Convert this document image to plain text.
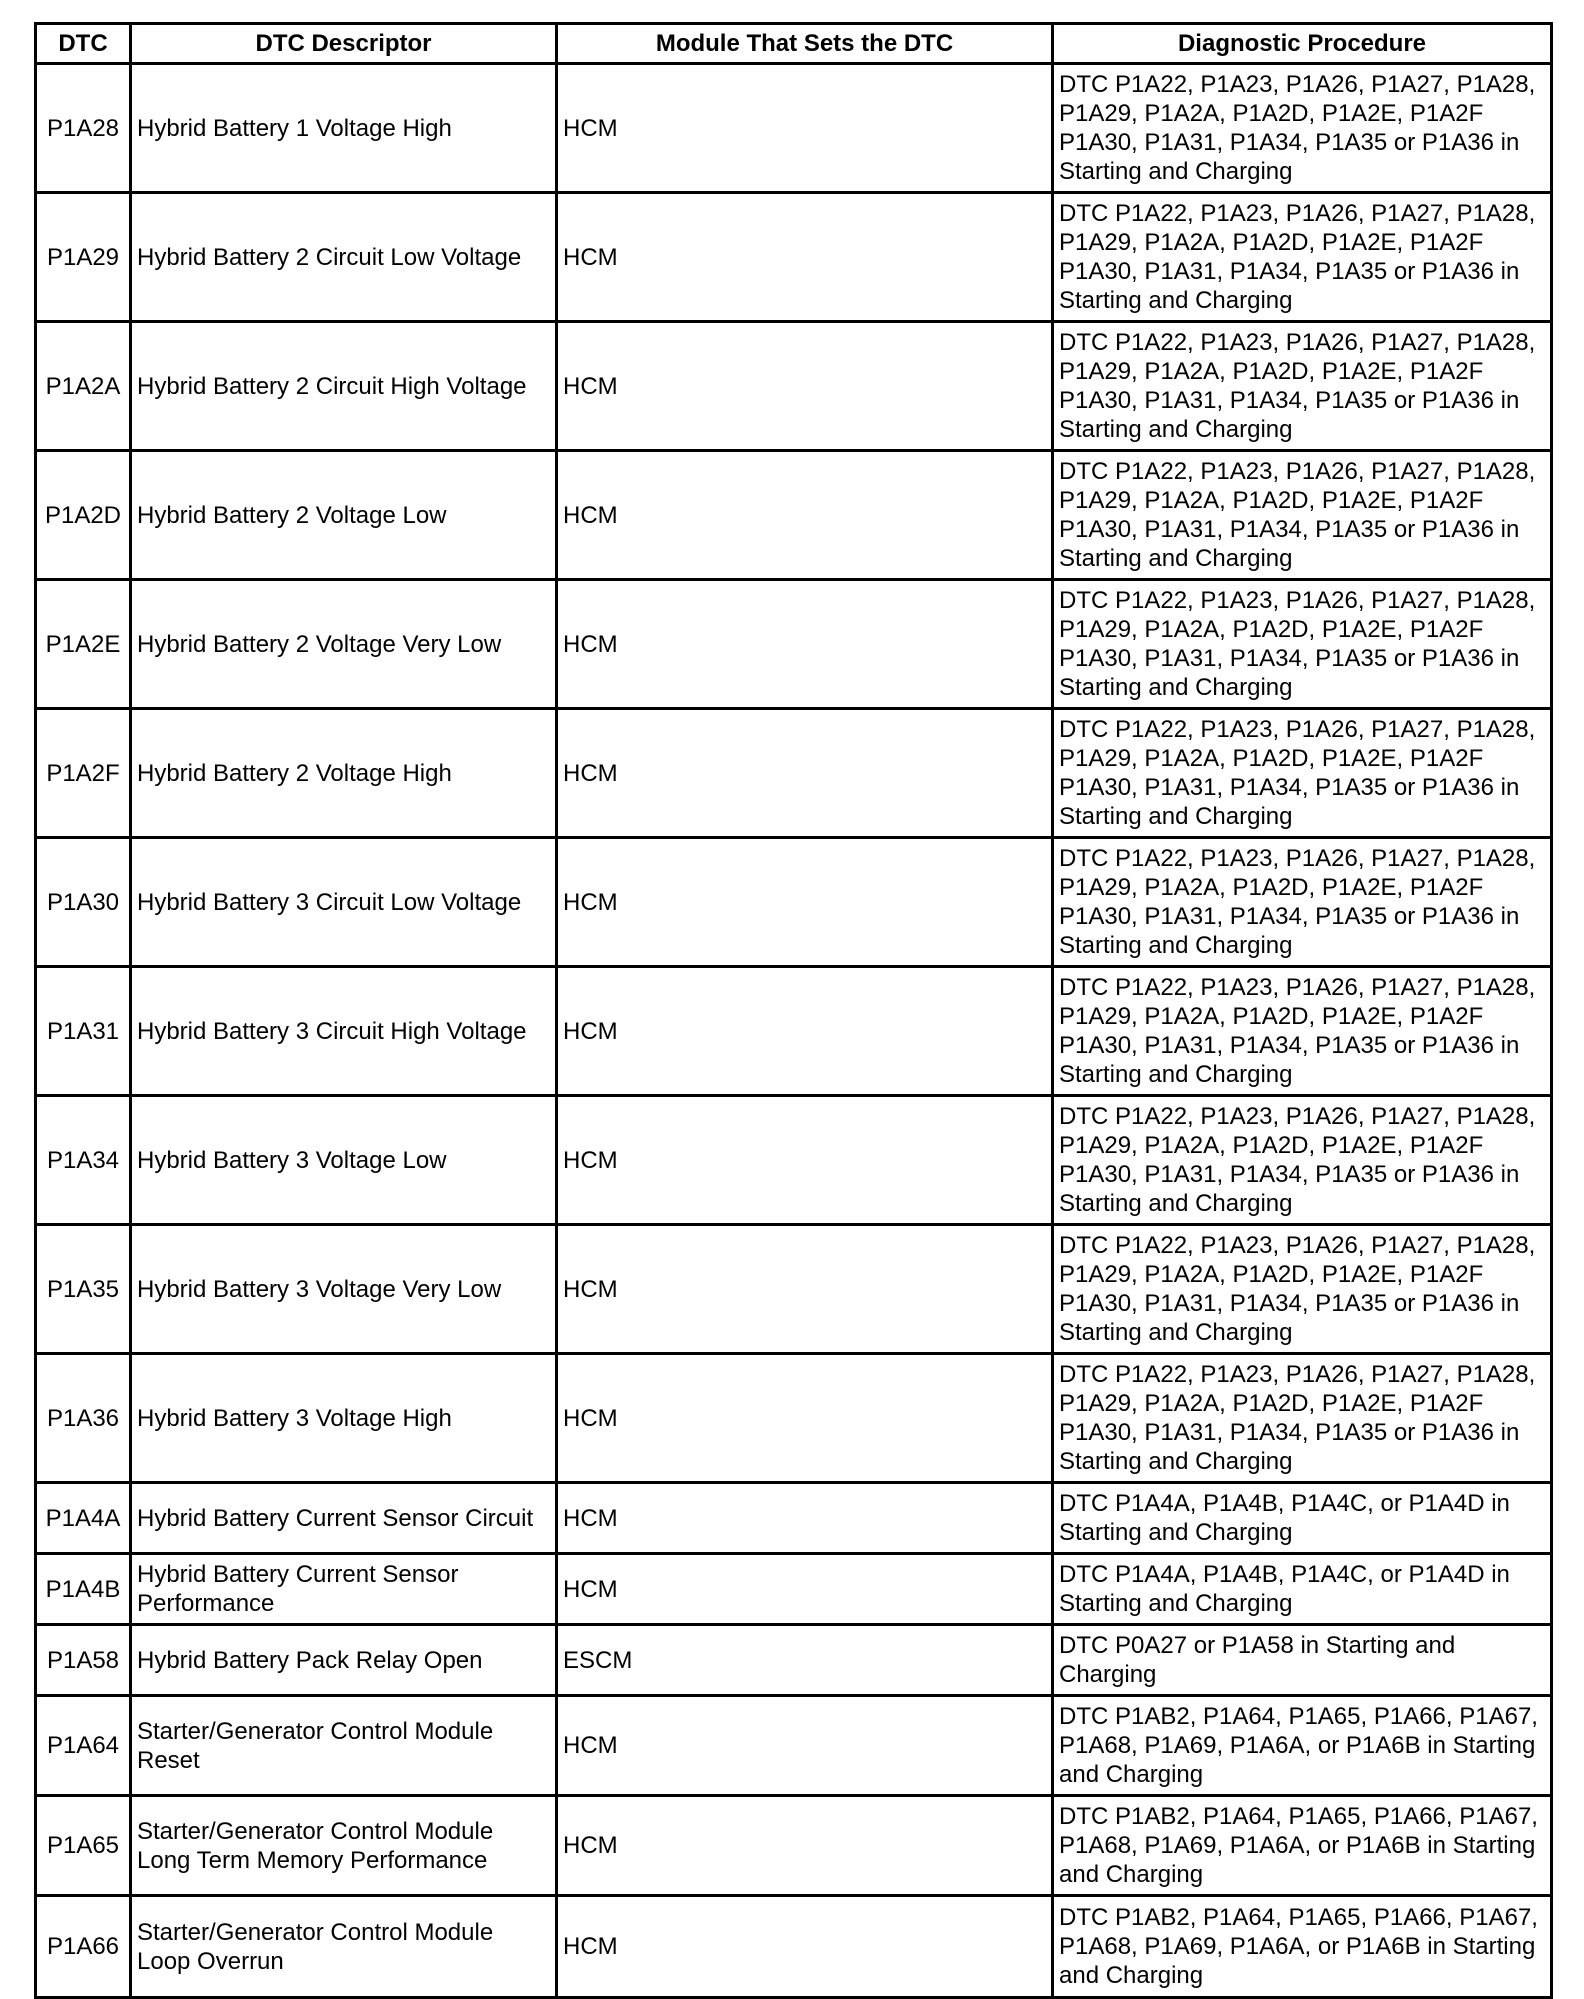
DTC	DTC Descriptor	Module That Sets the DTC	Diagnostic Procedure
P1A28	Hybrid Battery 1 Voltage High	HCM	DTC P1A22, P1A23, P1A26, P1A27, P1A28, P1A29, P1A2A, P1A2D, P1A2E, P1A2F P1A30, P1A31, P1A34, P1A35 or P1A36 in Starting and Charging
P1A29	Hybrid Battery 2 Circuit Low Voltage	HCM	DTC P1A22, P1A23, P1A26, P1A27, P1A28, P1A29, P1A2A, P1A2D, P1A2E, P1A2F P1A30, P1A31, P1A34, P1A35 or P1A36 in Starting and Charging
P1A2A	Hybrid Battery 2 Circuit High Voltage	HCM	DTC P1A22, P1A23, P1A26, P1A27, P1A28, P1A29, P1A2A, P1A2D, P1A2E, P1A2F P1A30, P1A31, P1A34, P1A35 or P1A36 in Starting and Charging
P1A2D	Hybrid Battery 2 Voltage Low	HCM	DTC P1A22, P1A23, P1A26, P1A27, P1A28, P1A29, P1A2A, P1A2D, P1A2E, P1A2F P1A30, P1A31, P1A34, P1A35 or P1A36 in Starting and Charging
P1A2E	Hybrid Battery 2 Voltage Very Low	HCM	DTC P1A22, P1A23, P1A26, P1A27, P1A28, P1A29, P1A2A, P1A2D, P1A2E, P1A2F P1A30, P1A31, P1A34, P1A35 or P1A36 in Starting and Charging
P1A2F	Hybrid Battery 2 Voltage High	HCM	DTC P1A22, P1A23, P1A26, P1A27, P1A28, P1A29, P1A2A, P1A2D, P1A2E, P1A2F P1A30, P1A31, P1A34, P1A35 or P1A36 in Starting and Charging
P1A30	Hybrid Battery 3 Circuit Low Voltage	HCM	DTC P1A22, P1A23, P1A26, P1A27, P1A28, P1A29, P1A2A, P1A2D, P1A2E, P1A2F P1A30, P1A31, P1A34, P1A35 or P1A36 in Starting and Charging
P1A31	Hybrid Battery 3 Circuit High Voltage	HCM	DTC P1A22, P1A23, P1A26, P1A27, P1A28, P1A29, P1A2A, P1A2D, P1A2E, P1A2F P1A30, P1A31, P1A34, P1A35 or P1A36 in Starting and Charging
P1A34	Hybrid Battery 3 Voltage Low	HCM	DTC P1A22, P1A23, P1A26, P1A27, P1A28, P1A29, P1A2A, P1A2D, P1A2E, P1A2F P1A30, P1A31, P1A34, P1A35 or P1A36 in Starting and Charging
P1A35	Hybrid Battery 3 Voltage Very Low	HCM	DTC P1A22, P1A23, P1A26, P1A27, P1A28, P1A29, P1A2A, P1A2D, P1A2E, P1A2F P1A30, P1A31, P1A34, P1A35 or P1A36 in Starting and Charging
P1A36	Hybrid Battery 3 Voltage High	HCM	DTC P1A22, P1A23, P1A26, P1A27, P1A28, P1A29, P1A2A, P1A2D, P1A2E, P1A2F P1A30, P1A31, P1A34, P1A35 or P1A36 in Starting and Charging
P1A4A	Hybrid Battery Current Sensor Circuit	HCM	DTC P1A4A, P1A4B, P1A4C, or P1A4D in Starting and Charging
P1A4B	Hybrid Battery Current Sensor Performance	HCM	DTC P1A4A, P1A4B, P1A4C, or P1A4D in Starting and Charging
P1A58	Hybrid Battery Pack Relay Open	ESCM	DTC P0A27 or P1A58 in Starting and Charging
P1A64	Starter/Generator Control Module Reset	HCM	DTC P1AB2, P1A64, P1A65, P1A66, P1A67, P1A68, P1A69, P1A6A, or P1A6B in Starting and Charging
P1A65	Starter/Generator Control Module Long Term Memory Performance	HCM	DTC P1AB2, P1A64, P1A65, P1A66, P1A67, P1A68, P1A69, P1A6A, or P1A6B in Starting and Charging
P1A66	Starter/Generator Control Module Loop Overrun	HCM	DTC P1AB2, P1A64, P1A65, P1A66, P1A67, P1A68, P1A69, P1A6A, or P1A6B in Starting and Charging
